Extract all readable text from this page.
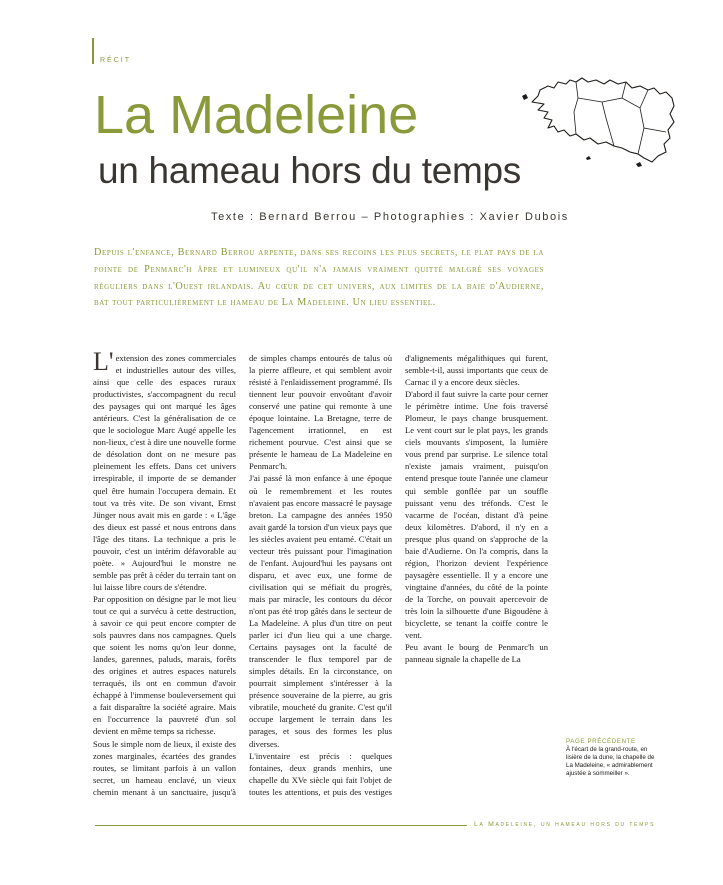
RÉCIT
La Madeleine
un hameau hors du temps
Texte : Bernard Berrou – Photographies : Xavier Dubois

Depuis l'enfance, Bernard Berrou arpente, dans ses recoins les plus secrets, le plat pays de la pointe de Penmarc'h âpre et lumineux qu'il n'a jamais vraiment quitté malgré ses voyages réguliers dans l'Ouest irlandais. Au cœur de cet univers, aux limites de la baie d'Audierne, bat tout particulièrement le hameau de La Madeleine. Un lieu essentiel.

L'extension des zones commerciales et industrielles autour des villes, ainsi que celle des espaces ruraux productivistes, s'accompagnent du recul des paysages qui ont marqué les âges antérieurs. C'est la généralisation de ce que le sociologue Marc Augé appelle les non-lieux, c'est à dire une nouvelle forme de désolation dont on ne mesure pas pleinement les effets. Dans cet univers irrespirable, il importe de se demander quel être humain l'occupera demain. Et tout va très vite. De son vivant, Ernst Jünger nous avait mis en garde : « L'âge des dieux est passé et nous entrons dans l'âge des titans. La technique a pris le pouvoir, c'est un intérim défavorable au poète. » Aujourd'hui le monstre ne semble pas prêt à céder du terrain tant on lui laisse libre cours de s'étendre.

Par opposition on désigne par le mot lieu tout ce qui a survécu à cette destruction, à savoir ce qui peut encore compter de sols pauvres dans nos campagnes. Quels que soient les noms qu'on leur donne, landes, garennes, paluds, marais, forêts des origines et autres espaces naturels terraqués, ils ont en commun d'avoir échappé à l'immense bouleversement qui a fait disparaître la société agraire. Mais en l'occurrence la pauvreté d'un sol devient en même temps sa richesse.

Sous le simple nom de lieux, il existe des zones marginales, écartées des grandes routes, se limitant parfois à un vallon secret, un hameau enclavé, un vieux chemin menant à un sanctuaire, jusqu'à de simples champs entourés de talus où la pierre affleure, et qui semblent avoir résisté à l'enlaidissement programmé. Ils tiennent leur pouvoir envoûtant d'avoir conservé une patine qui remonte à une époque lointaine. La Bretagne, terre de l'agencement irrationnel, en est richement pourvue. C'est ainsi que se présente le hameau de La Madeleine en Penmarc'h.

J'ai passé là mon enfance à une époque où le remembrement et les routes n'avaient pas encore massacré le paysage breton. La campagne des années 1950 avait gardé la torsion d'un vieux pays que les siècles avaient peu entamé. C'était un vecteur très puissant pour l'imagination de l'enfant. Aujourd'hui les paysans ont disparu, et avec eux, une forme de civilisation qui se méfiait du progrès, mais par miracle, les contours du décor n'ont pas été trop gâtés dans le secteur de La Madeleine. A plus d'un titre on peut parler ici d'un lieu qui a une charge. Certains paysages ont la faculté de transcender le flux temporel par de simples détails. En la circonstance, on pourrait simplement s'intéresser à la présence souveraine de la pierre, au gris vibratile, moucheté du granite. C'est qu'il occupe largement le terrain dans les parages, et sous des formes les plus diverses.

L'inventaire est précis : quelques fontaines, deux grands menhirs, une chapelle du XVe siècle qui fait l'objet de toutes les attentions, et puis des vestiges d'alignements mégalithiques qui furent, semble-t-il, aussi importants que ceux de Carnac il y a encore deux siècles.

D'abord il faut suivre la carte pour cerner le périmètre intime. Une fois traversé Plomeur, le pays change brusquement. Le vent court sur le plat pays, les grands ciels mouvants s'imposent, la lumière vous prend par surprise. Le silence total n'existe jamais vraiment, puisqu'on entend presque toute l'année une clameur qui semble gonflée par un souffle puissant venu des tréfonds. C'est le vacarme de l'océan, distant d'à peine deux kilomètres. D'abord, il n'y en a presque plus quand on s'approche de la baie d'Audierne. On l'a compris, dans la région, l'horizon devient l'expérience paysagère essentielle. Il y a encore une vingtaine d'années, du côté de la pointe de la Torche, on pouvait apercevoir de très loin la silhouette d'une Bigoudène à bicyclette, se tenant la coiffe contre le vent.

Peu avant le bourg de Penmarc'h un panneau signale la chapelle de La

PAGE PRÉCÉDENTE
À l'écart de la grand-route, en lisière de la dune, la chapelle de La Madeleine, « admirablement ajustée à sommeiller ».
La Madeleine, un hameau hors du temps
